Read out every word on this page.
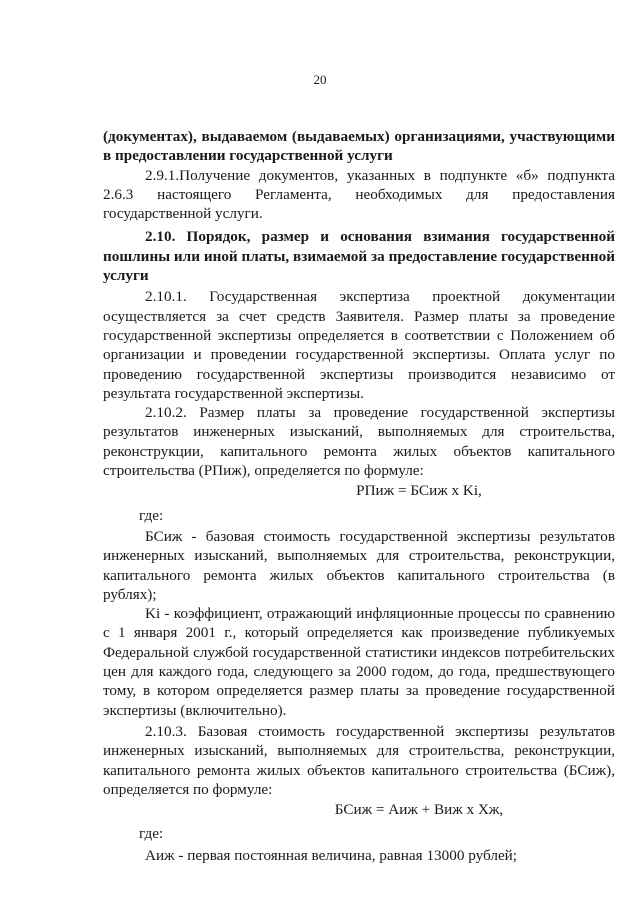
20

(документах), выдаваемом (выдаваемых) организациями, участвующими в предоставлении государственной услуги

2.9.1.Получение документов, указанных в подпункте «б» подпункта 2.6.3 настоящего Регламента, необходимых для предоставления государственной услуги.

2.10. Порядок, размер и основания взимания государственной пошлины или иной платы, взимаемой за предоставление государственной услуги

2.10.1. Государственная экспертиза проектной документации осуществляется за счет средств Заявителя. Размер платы за проведение государственной экспертизы определяется в соответствии с Положением об организации и проведении государственной экспертизы. Оплата услуг по проведению государственной экспертизы производится независимо от результата государственной экспертизы.

2.10.2. Размер платы за проведение государственной экспертизы результатов инженерных изысканий, выполняемых для строительства, реконструкции, капитального ремонта жилых объектов капитального строительства (РПиж), определяется по формуле:

РПиж = БСиж х Ki,

где:

БСиж - базовая стоимость государственной экспертизы результатов инженерных изысканий, выполняемых для строительства, реконструкции, капитального ремонта жилых объектов капитального строительства (в рублях);

Ki - коэффициент, отражающий инфляционные процессы по сравнению с 1 января 2001 г., который определяется как произведение публикуемых Федеральной службой государственной статистики индексов потребительских цен для каждого года, следующего за 2000 годом, до года, предшествующего тому, в котором определяется размер платы за проведение государственной экспертизы (включительно).

2.10.3. Базовая стоимость государственной экспертизы результатов инженерных изысканий, выполняемых для строительства, реконструкции, капитального ремонта жилых объектов капитального строительства (БСиж), определяется по формуле:

БСиж = Аиж + Виж х Хж,

где:

Аиж - первая постоянная величина, равная 13000 рублей;
